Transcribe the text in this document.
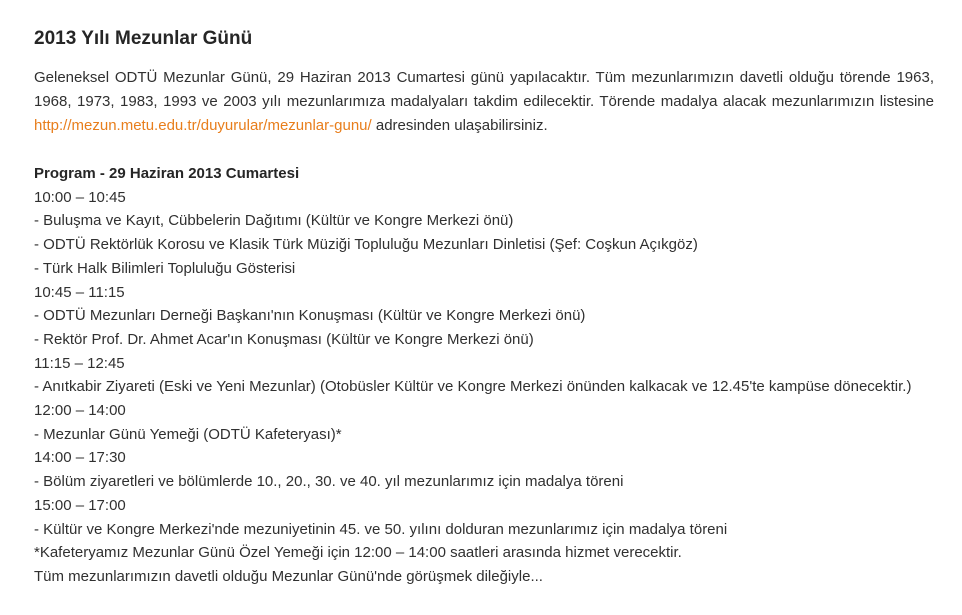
2013 Yılı Mezunlar Günü

Geleneksel ODTÜ Mezunlar Günü, 29 Haziran 2013 Cumartesi günü yapılacaktır. Tüm mezunlarımızın davetli olduğu törende 1963, 1968, 1973, 1983, 1993 ve 2003 yılı mezunlarımıza madalyaları takdim edilecektir. Törende madalya alacak mezunlarımızın listesine http://mezun.metu.edu.tr/duyurular/mezunlar-gunu/ adresinden ulaşabilirsiniz.

Program - 29 Haziran 2013 Cumartesi
10:00 – 10:45
- Buluşma ve Kayıt, Cübbelerin Dağıtımı (Kültür ve Kongre Merkezi önü)
- ODTÜ Rektörlük Korosu ve Klasik Türk Müziği Topluluğu Mezunları Dinletisi (Şef: Coşkun Açıkgöz)
- Türk Halk Bilimleri Topluluğu Gösterisi
10:45 – 11:15
- ODTÜ Mezunları Derneği Başkanı'nın Konuşması (Kültür ve Kongre Merkezi önü)
- Rektör Prof. Dr. Ahmet Acar'ın Konuşması (Kültür ve Kongre Merkezi önü)
11:15 – 12:45
- Anıtkabir Ziyareti (Eski ve Yeni Mezunlar) (Otobüsler Kültür ve Kongre Merkezi önünden kalkacak ve 12.45'te kampüse dönecektir.)
12:00 – 14:00
- Mezunlar Günü Yemeği (ODTÜ Kafeteryası)*
14:00 – 17:30
- Bölüm ziyaretleri ve bölümlerde 10., 20., 30. ve 40. yıl mezunlarımız için madalya töreni
15:00 – 17:00
- Kültür ve Kongre Merkezi'nde mezuniyetinin 45. ve 50. yılını dolduran mezunlarımız için madalya töreni
*Kafeteryamız Mezunlar Günü Özel Yemeği için 12:00 – 14:00 saatleri arasında hizmet verecektir.
Tüm mezunlarımızın davetli olduğu Mezunlar Günü'nde görüşmek dileğiyle...
